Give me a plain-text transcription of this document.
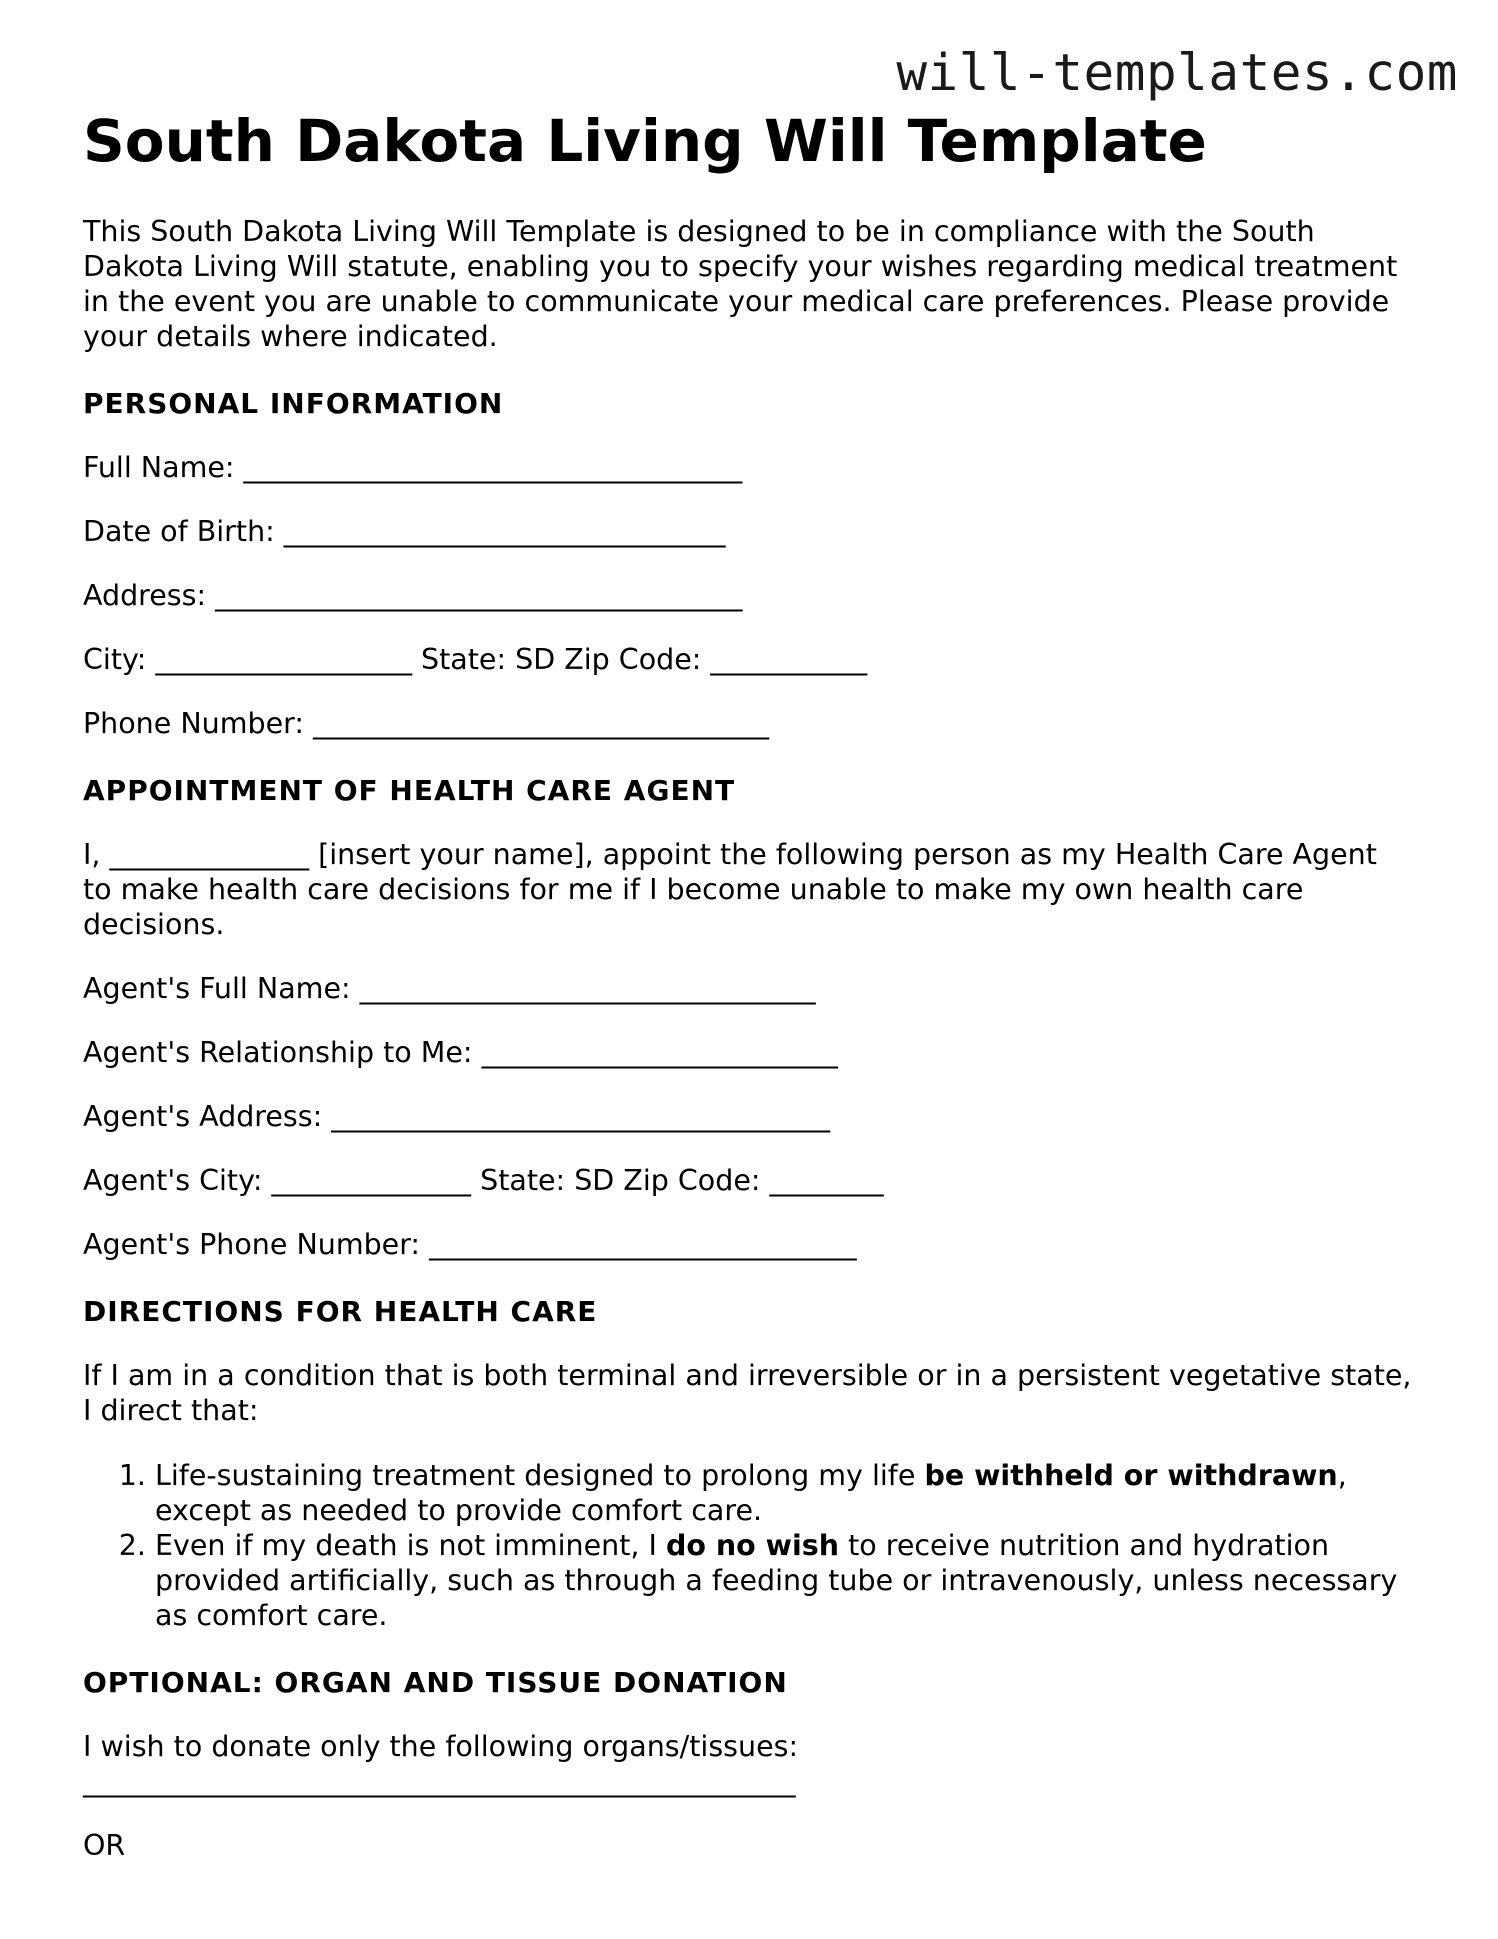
will-templates.com
South Dakota Living Will Template

This South Dakota Living Will Template is designed to be in compliance with the South Dakota Living Will statute, enabling you to specify your wishes regarding medical treatment in the event you are unable to communicate your medical care preferences. Please provide your details where indicated.

PERSONAL INFORMATION

Full Name: ___________________________________

Date of Birth: _______________________________

Address: _____________________________________

City: __________________ State: SD Zip Code: ___________

Phone Number: ________________________________

APPOINTMENT OF HEALTH CARE AGENT

I, ______________ [insert your name], appoint the following person as my Health Care Agent to make health care decisions for me if I become unable to make my own health care decisions.

Agent's Full Name: ________________________________

Agent's Relationship to Me: _________________________

Agent's Address: ___________________________________

Agent's City: ______________ State: SD Zip Code: ________

Agent's Phone Number: ______________________________

DIRECTIONS FOR HEALTH CARE

If I am in a condition that is both terminal and irreversible or in a persistent vegetative state, I direct that:

1. Life-sustaining treatment designed to prolong my life be withheld or withdrawn, except as needed to provide comfort care.
2. Even if my death is not imminent, I do no wish to receive nutrition and hydration provided artificially, such as through a feeding tube or intravenously, unless necessary as comfort care.
OPTIONAL: ORGAN AND TISSUE DONATION

I wish to donate only the following organs/tissues:

__________________________________________________

OR
